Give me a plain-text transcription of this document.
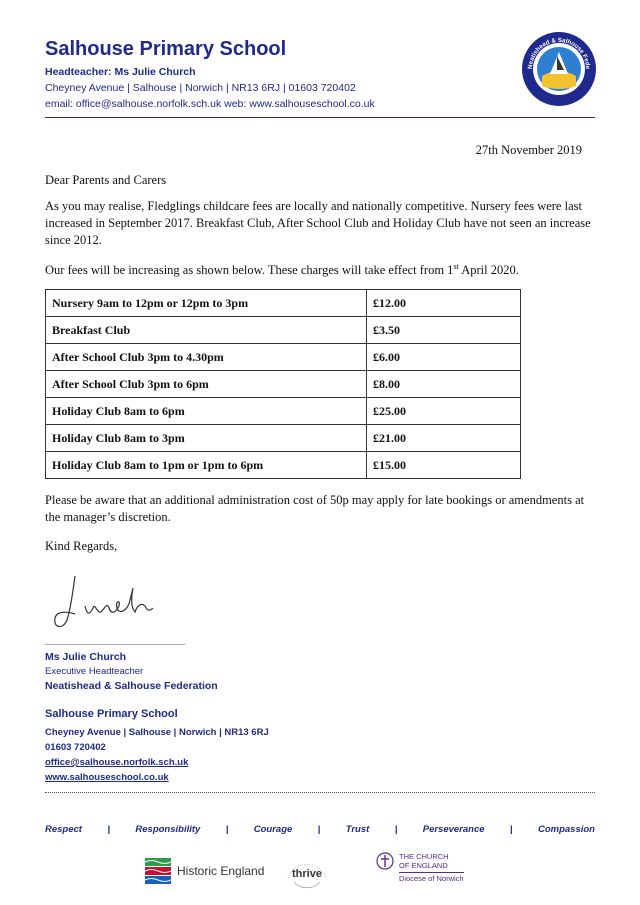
Salhouse Primary School
Headteacher: Ms Julie Church
Cheyney Avenue | Salhouse | Norwich | NR13 6RJ | 01603 720402
email: office@salhouse.norfolk.sch.uk web: www.salhouseschool.co.uk
Neatishead & Salhouse Fede
27th November 2019
Dear Parents and Carers
As you may realise, Fledglings childcare fees are locally and nationally competitive. Nursery fees were last increased in September 2017. Breakfast Club, After School Club and Holiday Club have not seen an increase since 2012.
Our fees will be increasing as shown below. These charges will take effect from 1st April 2020.
Nursery 9am to 12pm or 12pm to 3pm	£12.00
Breakfast Club	£3.50
After School Club 3pm to 4.30pm	£6.00
After School Club 3pm to 6pm	£8.00
Holiday Club 8am to 6pm	£25.00
Holiday Club 8am to 3pm	£21.00
Holiday Club 8am to 1pm or 1pm to 6pm	£15.00
Please be aware that an additional administration cost of 50p may apply for late bookings or amendments at the manager’s discretion.
Kind Regards,
Ms Julie Church
Executive Headteacher
Neatishead & Salhouse Federation
Salhouse Primary School
Cheyney Avenue | Salhouse | Norwich | NR13 6RJ
01603 720402
office@salhouse.norfolk.sch.uk
www.salhouseschool.co.uk
Respect	|	Responsibility	|	Courage	|	Trust	|	Perseverance	|	Compassion
Historic England	thrive
THE CHURCH
OF ENGLAND
Diocese of Norwich
